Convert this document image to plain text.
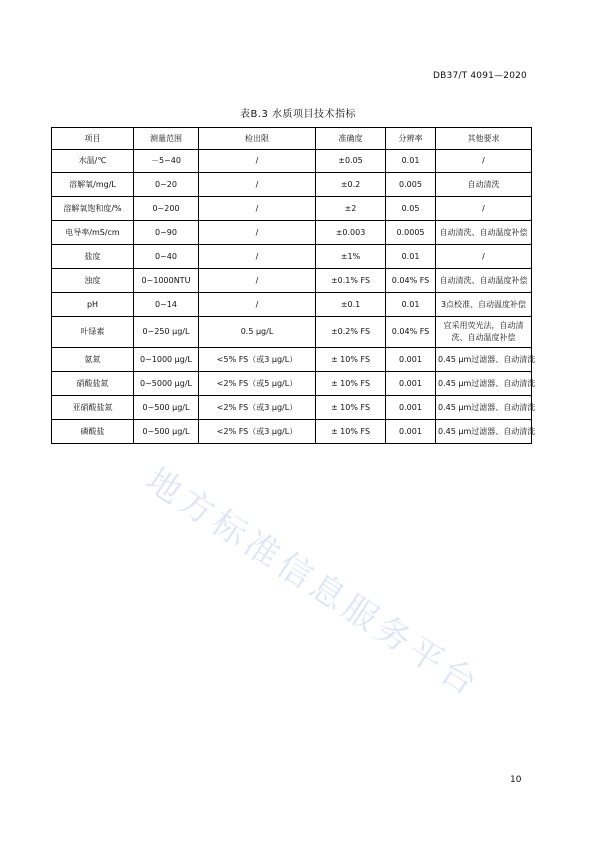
DB37/T 4091—2020
表B.3 水质项目技术指标
项目	测量范围	检出限	准确度	分辨率	其他要求
水温/℃	－5~40	/	±0.05	0.01	/
溶解氧/mg/L	0~20	/	±0.2	0.005	自动清洗
溶解氧饱和度/%	0~200	/	±2	0.05	/
电导率/mS/cm	0~90	/	±0.003	0.0005	自动清洗、自动温度补偿
盐度	0~40	/	±1%	0.01	/
浊度	0~1000NTU	/	±0.1% FS	0.04% FS	自动清洗、自动温度补偿
pH	0~14	/	±0.1	0.01	3点校准、自动温度补偿
叶绿素	0~250 μg/L	0.5 μg/L	±0.2% FS	0.04% FS	宜采用荧光法，自动清洗、自动温度补偿
氨氮	0~1000 μg/L	<5% FS（或3 μg/L）	± 10% FS	0.001	0.45 μm过滤器、自动清洗
硝酸盐氮	0~5000 μg/L	<2% FS（或5 μg/L）	± 10% FS	0.001	0.45 μm过滤器、自动清洗
亚硝酸盐氮	0~500 μg/L	<2% FS（或3 μg/L）	± 10% FS	0.001	0.45 μm过滤器、自动清洗
磷酸盐	0~500 μg/L	<2% FS（或3 μg/L）	± 10% FS	0.001	0.45 μm过滤器、自动清洗
地方标准信息服务平台
10
